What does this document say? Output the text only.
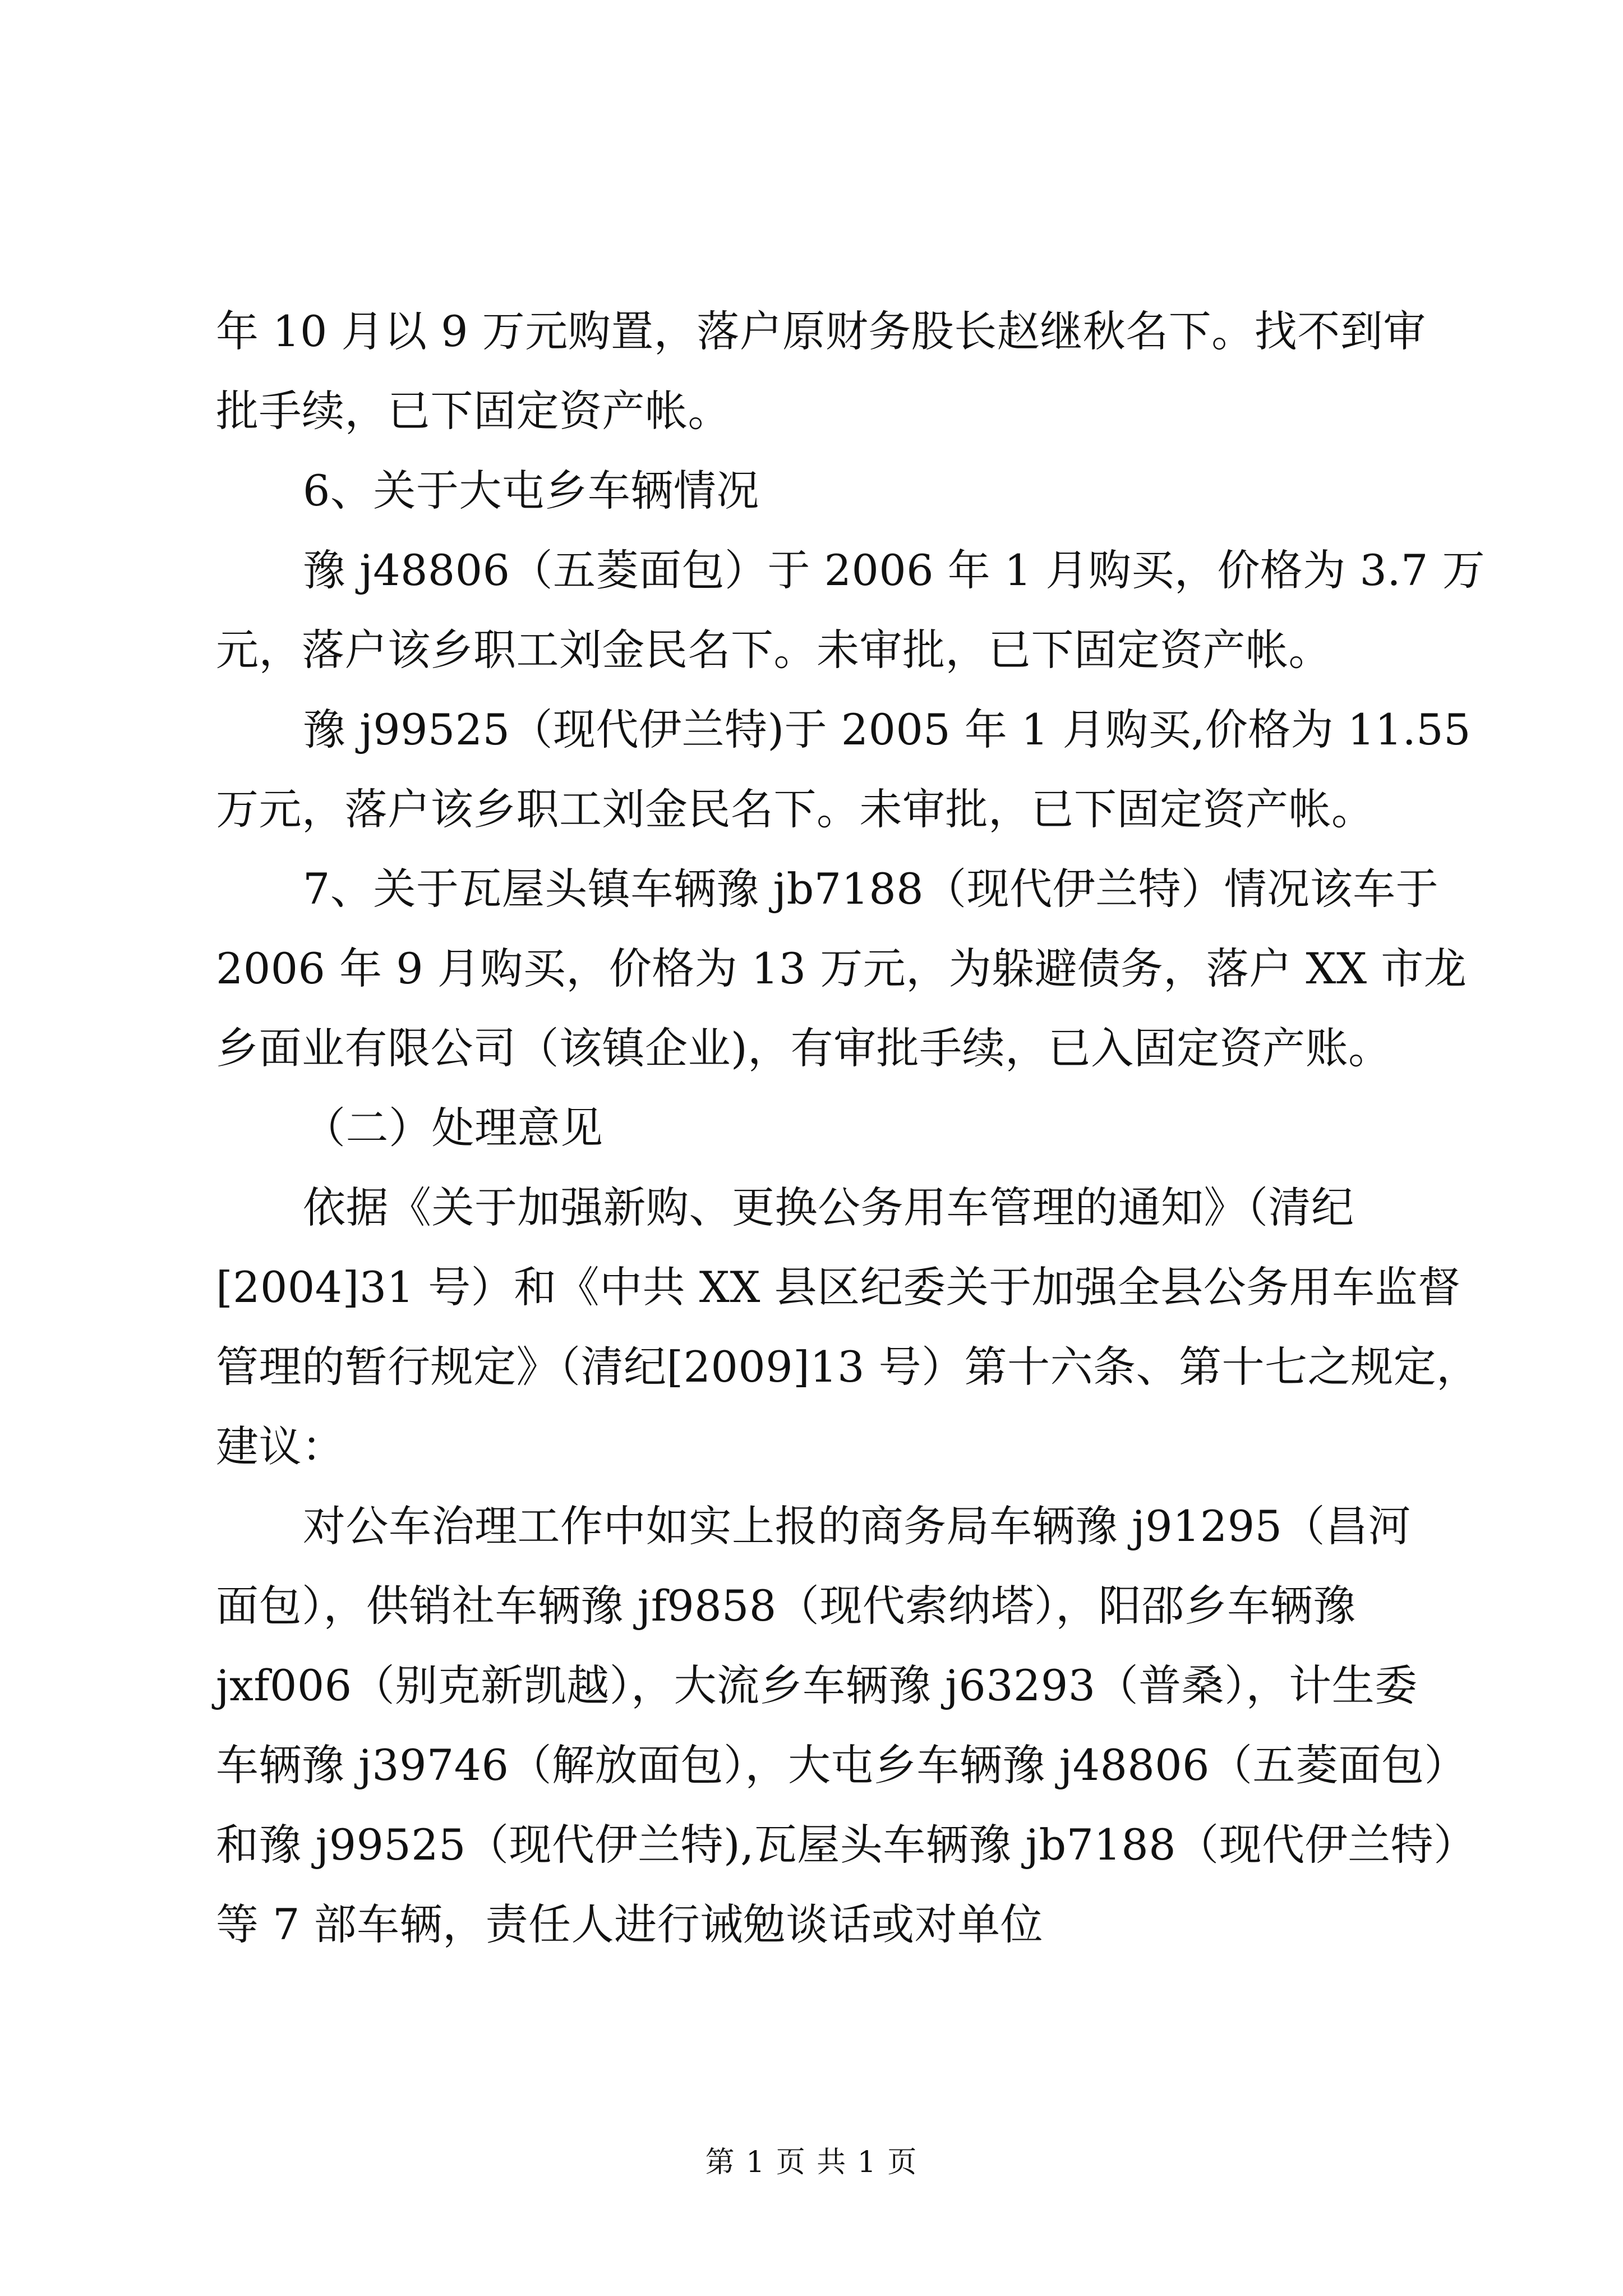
年 10 月以 9 万元购置，落户原财务股长赵继秋名下。找不到审
批手续，已下固定资产帐。
6、关于大屯乡车辆情况
豫 j48806（五菱面包）于 2006 年 1 月购买，价格为 3.7 万
元，落户该乡职工刘金民名下。未审批，已下固定资产帐。
豫 j99525（现代伊兰特)于 2005 年 1 月购买,价格为 11.55
万元，落户该乡职工刘金民名下。未审批，已下固定资产帐。
7、关于瓦屋头镇车辆豫 jb7188（现代伊兰特）情况该车于
2006 年 9 月购买，价格为 13 万元，为躲避债务，落户 XX 市龙
乡面业有限公司（该镇企业)，有审批手续，已入固定资产账。
（二）处理意见
依据《关于加强新购、更换公务用车管理的通知》（清纪
[2004]31 号）和《中共 XX 县区纪委关于加强全县公务用车监督
管理的暂行规定》（清纪[2009]13 号）第十六条、第十七之规定，
建议：
对公车治理工作中如实上报的商务局车辆豫 j91295（昌河
面包），供销社车辆豫 jf9858（现代索纳塔），阳邵乡车辆豫
jxf006（别克新凯越），大流乡车辆豫 j63293（普桑），计生委
车辆豫 j39746（解放面包），大屯乡车辆豫 j48806（五菱面包）
和豫 j99525（现代伊兰特),瓦屋头车辆豫 jb7188（现代伊兰特）
等 7 部车辆，责任人进行诫勉谈话或对单位
第 1 页 共 1 页
